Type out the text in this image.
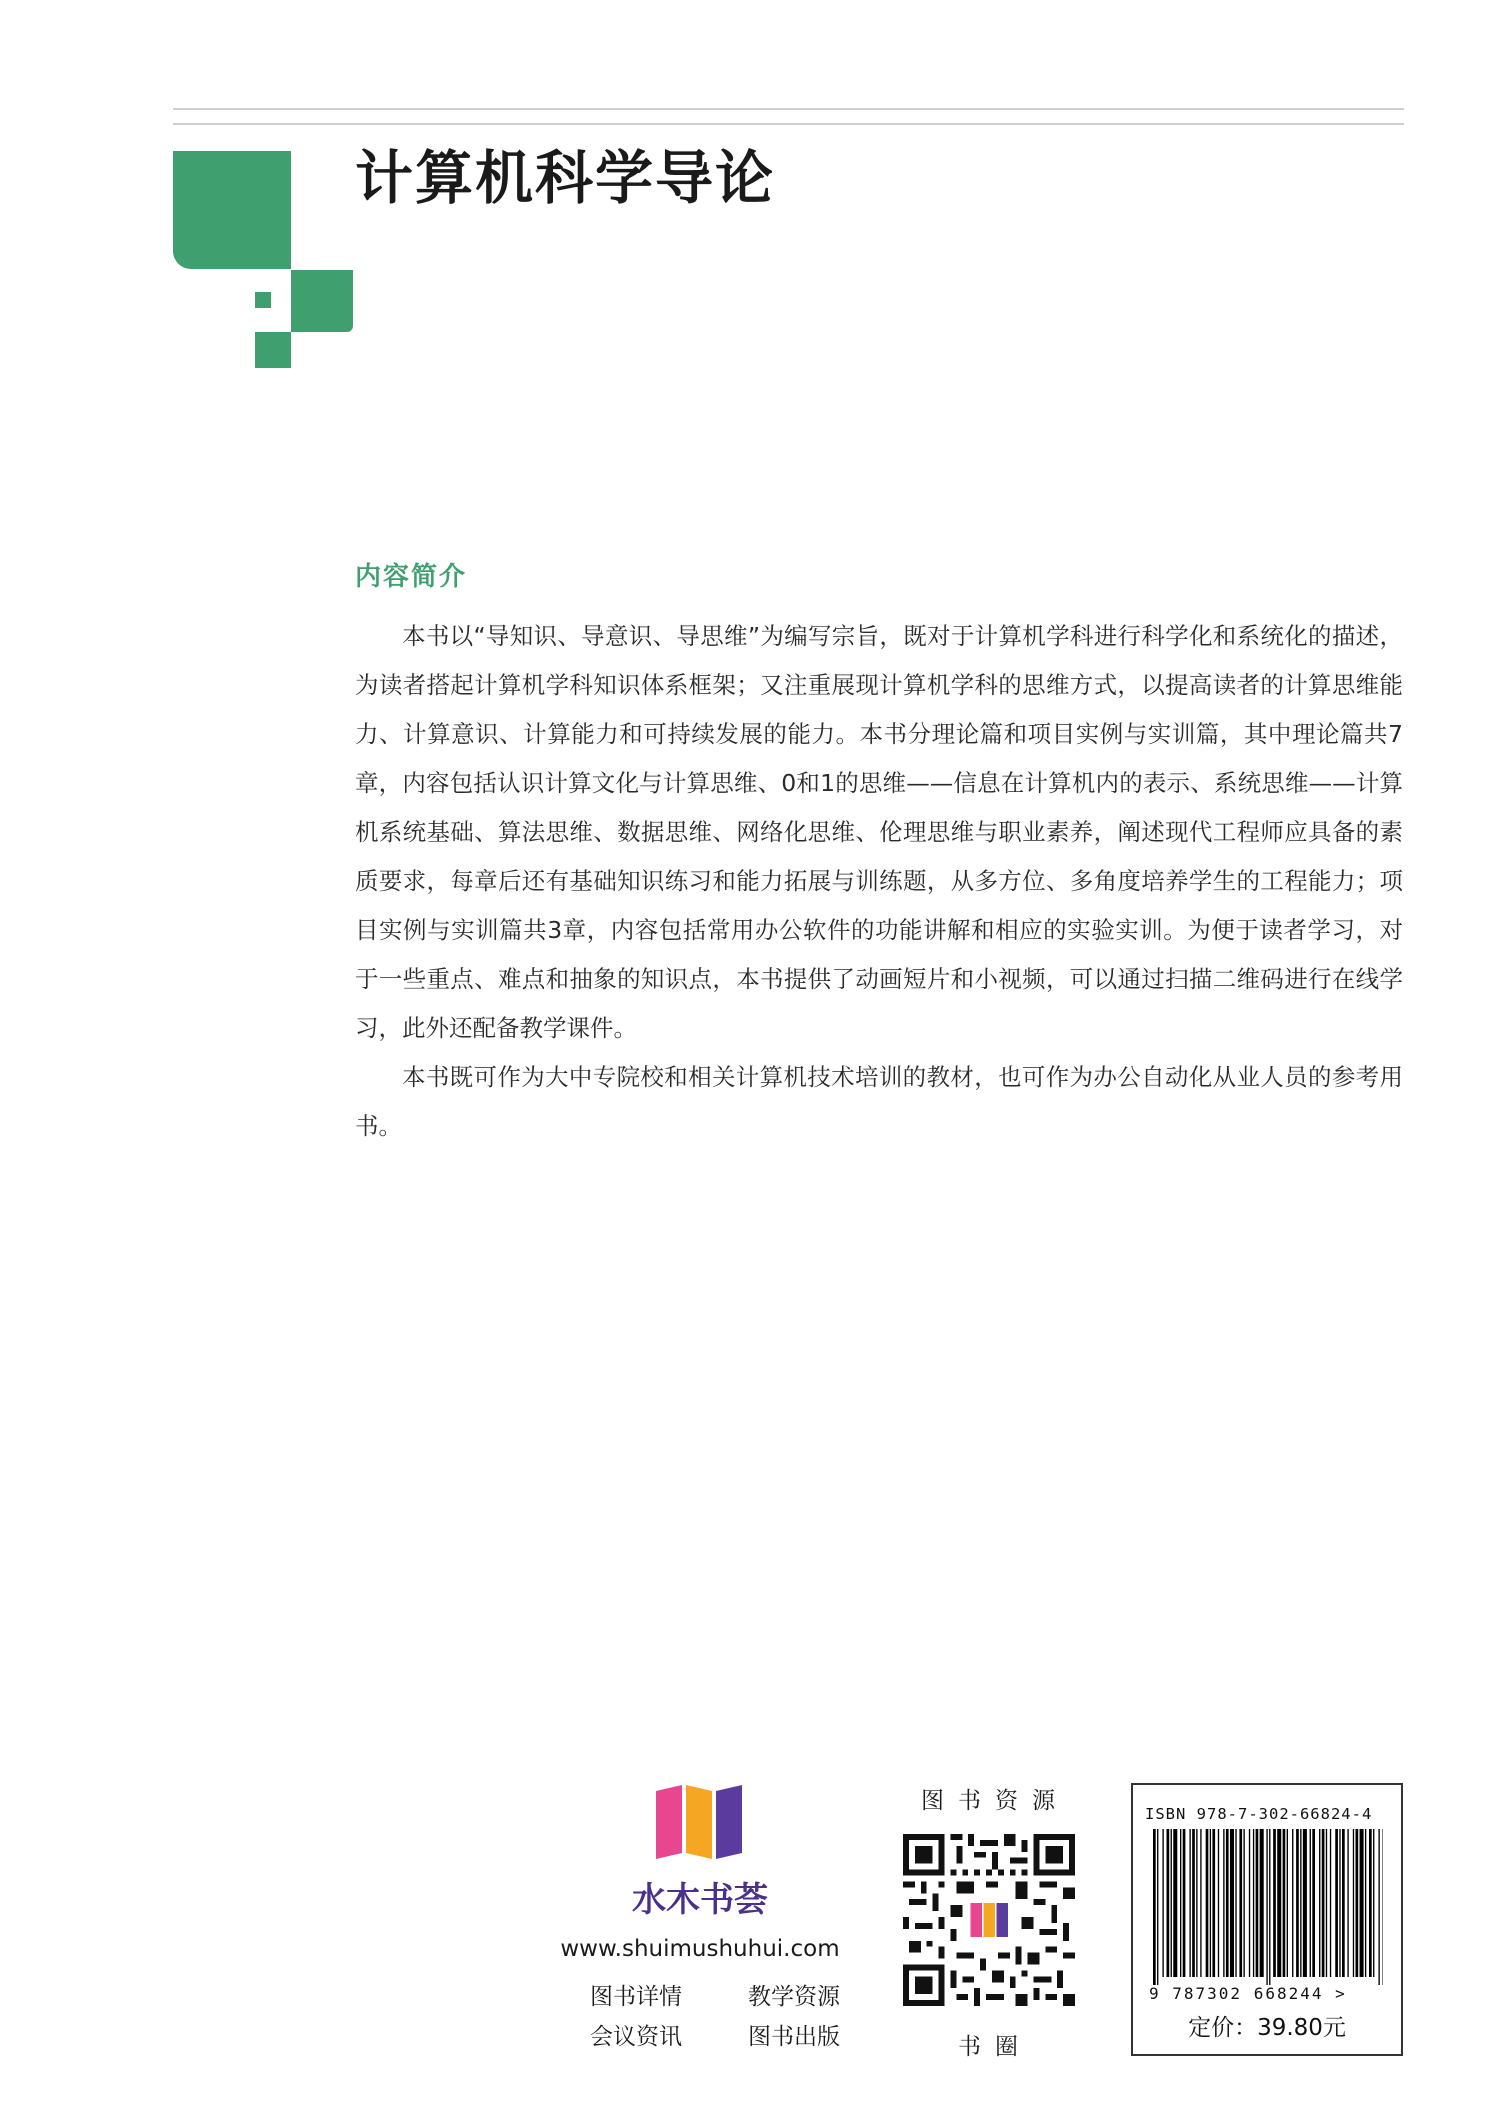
计算机科学导论
内容简介

本书以“导知识、导意识、导思维”为编写宗旨，既对于计算机学科进行科学化和系统化的描述，为读者搭起计算机学科知识体系框架；又注重展现计算机学科的思维方式，以提高读者的计算思维能力、计算意识、计算能力和可持续发展的能力。本书分理论篇和项目实例与实训篇，其中理论篇共7章，内容包括认识计算文化与计算思维、0和1的思维——信息在计算机内的表示、系统思维——计算机系统基础、算法思维、数据思维、网络化思维、伦理思维与职业素养，阐述现代工程师应具备的素质要求，每章后还有基础知识练习和能力拓展与训练题，从多方位、多角度培养学生的工程能力；项目实例与实训篇共3章，内容包括常用办公软件的功能讲解和相应的实验实训。为便于读者学习，对于一些重点、难点和抽象的知识点，本书提供了动画短片和小视频，可以通过扫描二维码进行在线学习，此外还配备教学课件。

本书既可作为大中专院校和相关计算机技术培训的教材，也可作为办公自动化从业人员的参考用书。

水木书荟
www.shuimushuhui.com
图书详情	教学资源
会议资讯	图书出版
图书资源
书圈
ISBN 978-7-302-66824-4
9 787302 668244 >
定价：39.80元
